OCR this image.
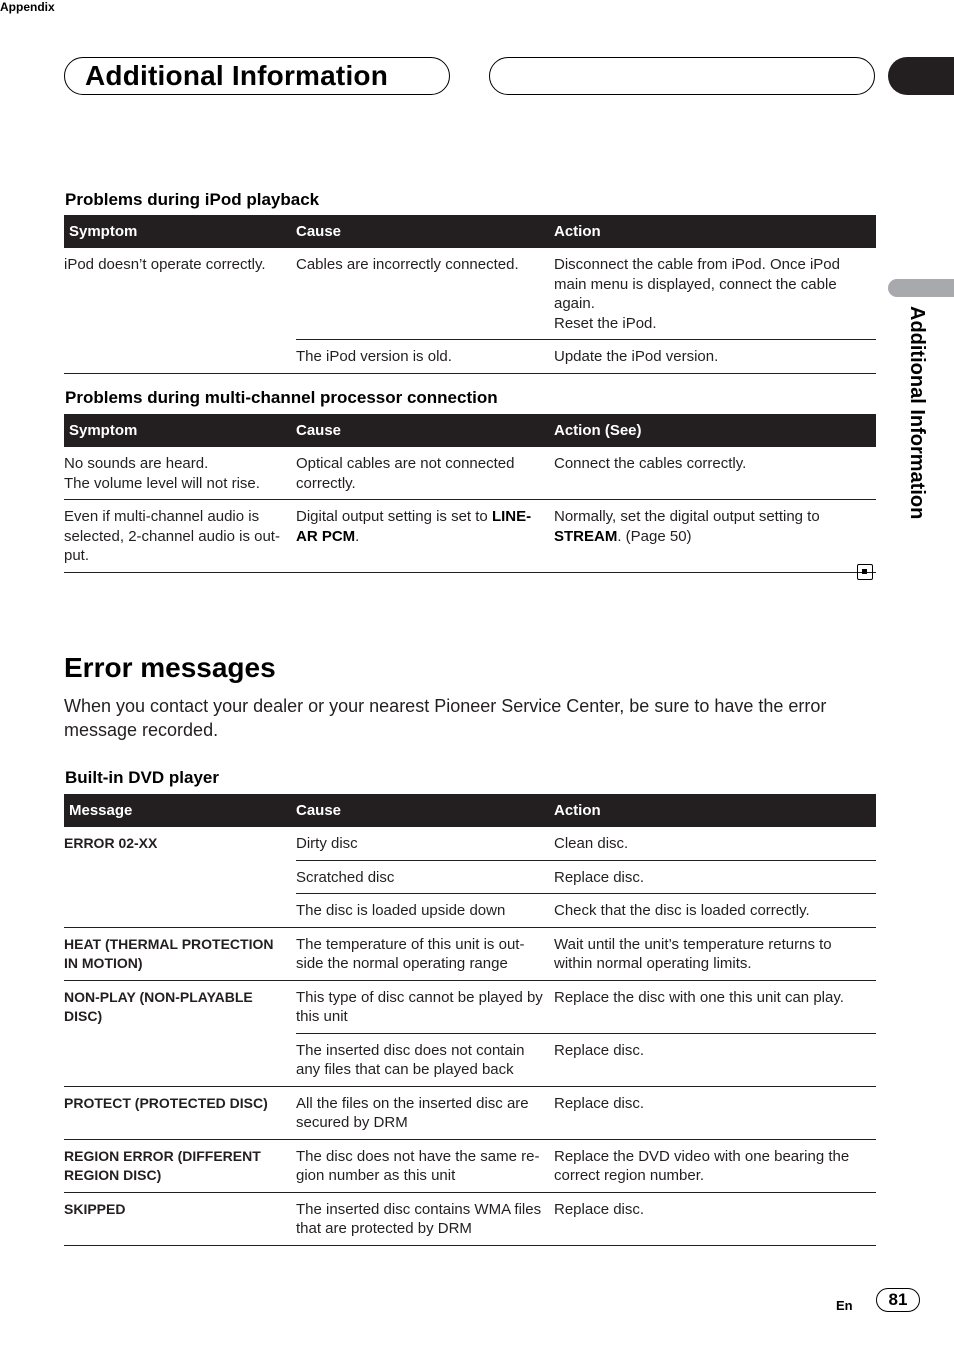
Appendix
Additional Information
Additional Information
Problems during iPod playback
Symptom	Cause	Action
iPod doesn’t operate correctly.	Cables are incorrectly connected.	Disconnect the cable from iPod. Once iPod main menu is displayed, connect the cable again.
Reset the iPod.

	The iPod version is old.	Update the iPod version.
Problems during multi-channel processor connection
Symptom	Cause	Action (See)

No sounds are heard.
The volume level will not rise.	Optical cables are not connected correctly.	Connect the cables correctly.
Even if multi-channel audio is selected, 2-channel audio is out-put.	Digital output setting is set to LINE-AR PCM.	Normally, set the digital output setting to STREAM. (Page 50)
Error messages
When you contact your dealer or your nearest Pioneer Service Center, be sure to have the error message recorded.
Built-in DVD player
Message	Cause	Action
ERROR 02-XX	Dirty disc	Clean disc.
	Scratched disc	Replace disc.
	The disc is loaded upside down	Check that the disc is loaded correctly.
HEAT (THERMAL PROTECTION IN MOTION)	The temperature of this unit is out-side the normal operating range	Wait until the unit’s temperature returns to within normal operating limits.
NON-PLAY (NON-PLAYABLE DISC)	This type of disc cannot be played by this unit	Replace the disc with one this unit can play.
	The inserted disc does not contain any files that can be played back	Replace disc.
PROTECT (PROTECTED DISC)	All the files on the inserted disc are secured by DRM	Replace disc.
REGION ERROR (DIFFERENT REGION DISC)	The disc does not have the same re-gion number as this unit	Replace the DVD video with one bearing the correct region number.
SKIPPED	The inserted disc contains WMA files that are protected by DRM	Replace disc.
En	81
